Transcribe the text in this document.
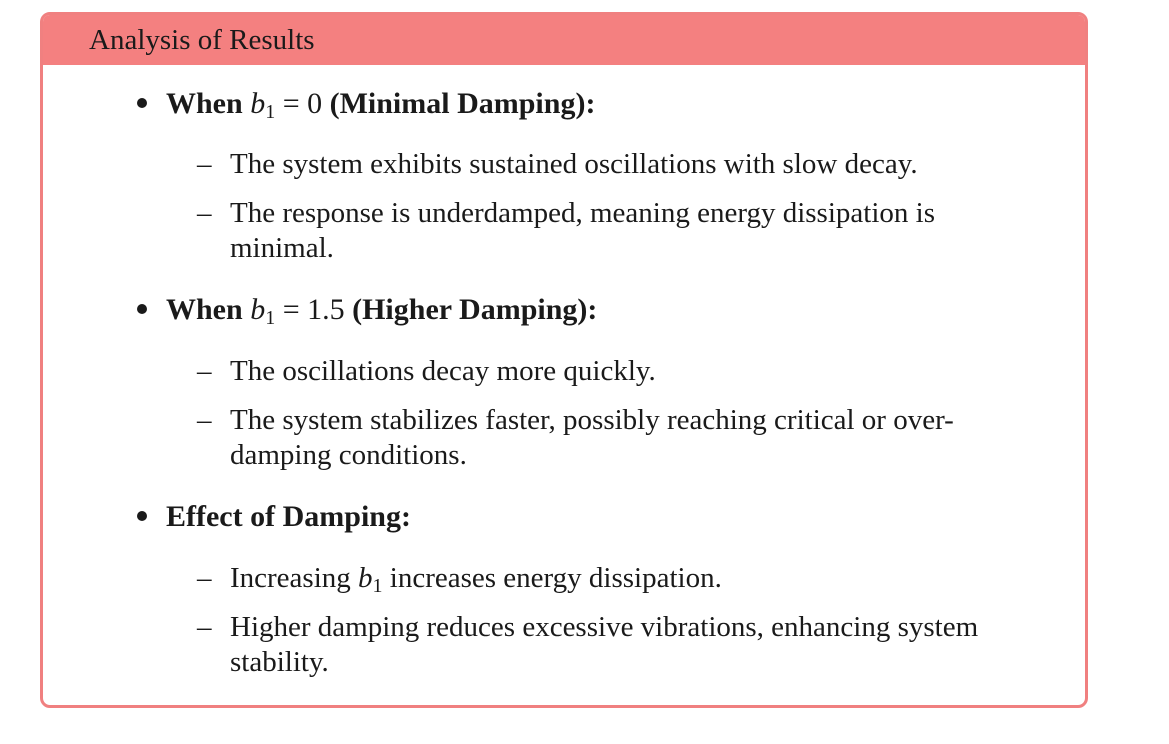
Analysis of Results
When $b_1 = 0$ (Minimal Damping):
– The system exhibits sustained oscillations with slow decay.
– The response is underdamped, meaning energy dissipation is minimal.
When $b_1 = 1.5$ (Higher Damping):
– The oscillations decay more quickly.
– The system stabilizes faster, possibly reaching critical or over-damping conditions.
Effect of Damping:
– Increasing $b_1$ increases energy dissipation.
– Higher damping reduces excessive vibrations, enhancing system stability.
